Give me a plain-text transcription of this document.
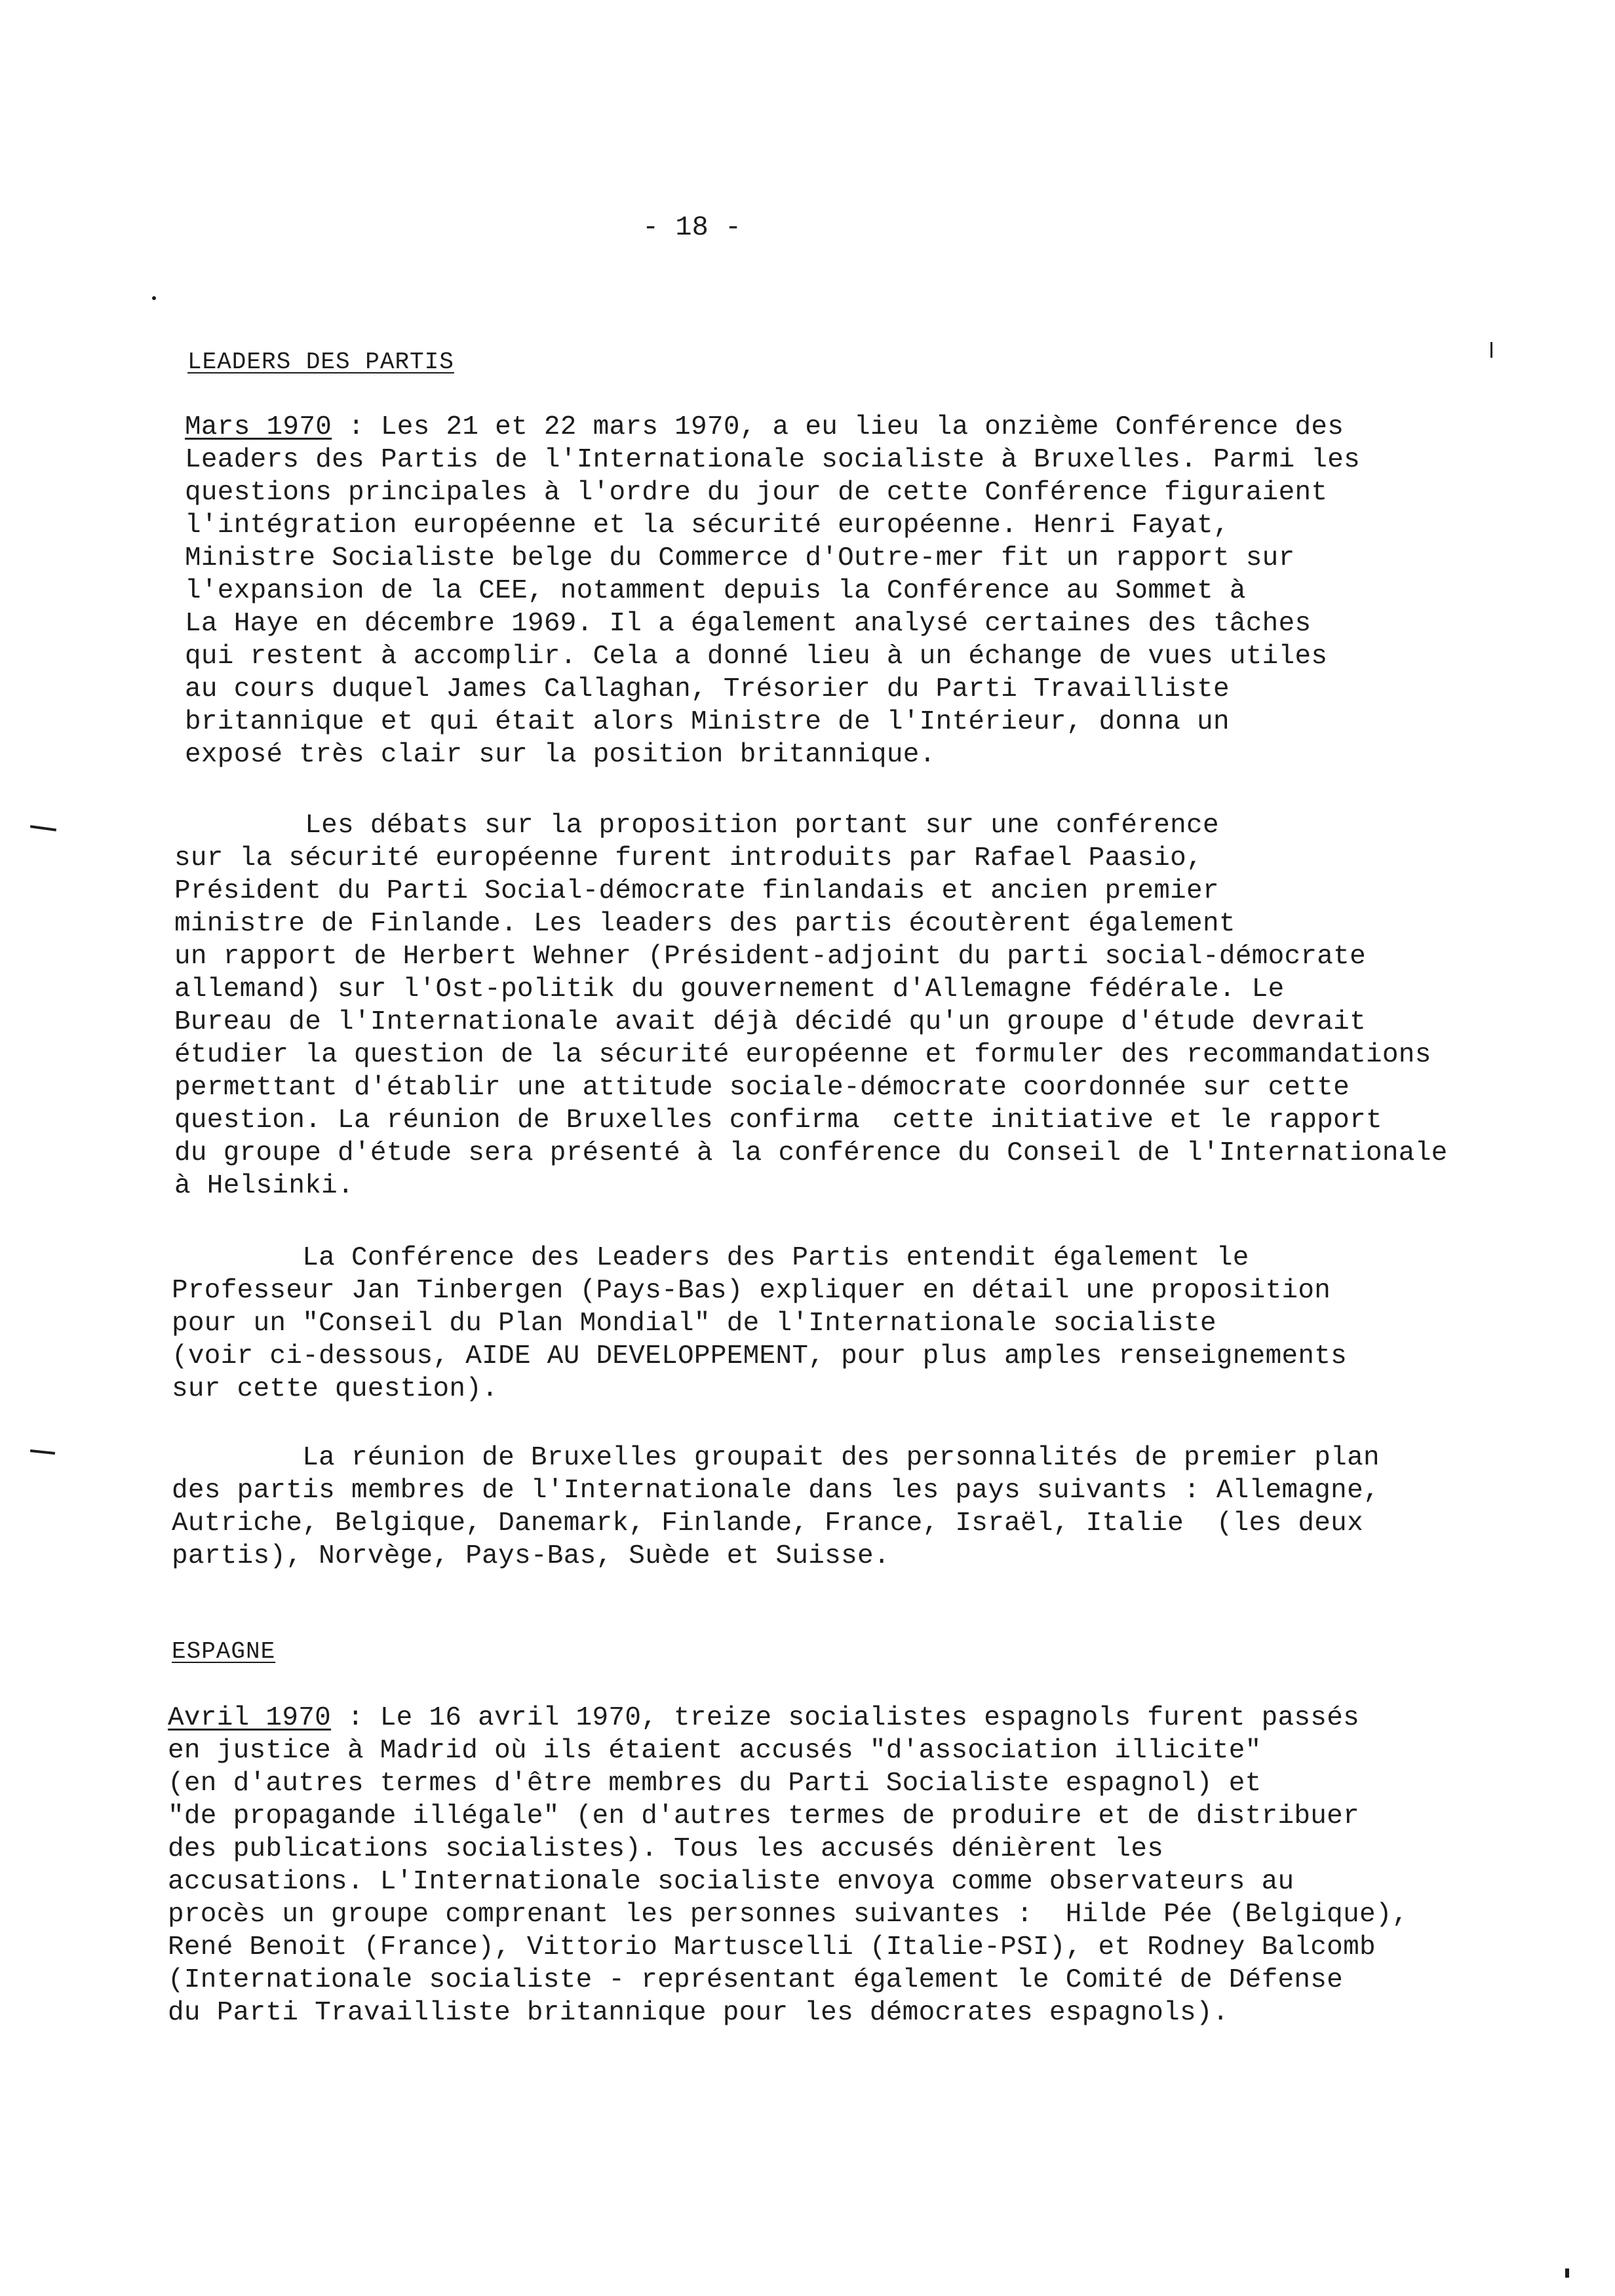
- 18 -
LEADERS DES PARTIS
Mars 1970 : Les 21 et 22 mars 1970, a eu lieu la onzième Conférence des
Leaders des Partis de l'Internationale socialiste à Bruxelles. Parmi les
questions principales à l'ordre du jour de cette Conférence figuraient
l'intégration européenne et la sécurité européenne. Henri Fayat,
Ministre Socialiste belge du Commerce d'Outre-mer fit un rapport sur
l'expansion de la CEE, notamment depuis la Conférence au Sommet à
La Haye en décembre 1969. Il a également analysé certaines des tâches
qui restent à accomplir. Cela a donné lieu à un échange de vues utiles
au cours duquel James Callaghan, Trésorier du Parti Travailliste
britannique et qui était alors Ministre de l'Intérieur, donna un
exposé très clair sur la position britannique.
Les débats sur la proposition portant sur une conférence
sur la sécurité européenne furent introduits par Rafael Paasio,
Président du Parti Social-démocrate finlandais et ancien premier
ministre de Finlande. Les leaders des partis écoutèrent également
un rapport de Herbert Wehner (Président-adjoint du parti social-démocrate
allemand) sur l'Ost-politik du gouvernement d'Allemagne fédérale. Le
Bureau de l'Internationale avait déjà décidé qu'un groupe d'étude devrait
étudier la question de la sécurité européenne et formuler des recommandations
permettant d'établir une attitude sociale-démocrate coordonnée sur cette
question. La réunion de Bruxelles confirma  cette initiative et le rapport
du groupe d'étude sera présenté à la conférence du Conseil de l'Internationale
à Helsinki.
La Conférence des Leaders des Partis entendit également le
Professeur Jan Tinbergen (Pays-Bas) expliquer en détail une proposition
pour un "Conseil du Plan Mondial" de l'Internationale socialiste
(voir ci-dessous, AIDE AU DEVELOPPEMENT, pour plus amples renseignements
sur cette question).
La réunion de Bruxelles groupait des personnalités de premier plan
des partis membres de l'Internationale dans les pays suivants : Allemagne,
Autriche, Belgique, Danemark, Finlande, France, Israël, Italie  (les deux
partis), Norvège, Pays-Bas, Suède et Suisse.
ESPAGNE
Avril 1970 : Le 16 avril 1970, treize socialistes espagnols furent passés
en justice à Madrid où ils étaient accusés "d'association illicite"
(en d'autres termes d'être membres du Parti Socialiste espagnol) et
"de propagande illégale" (en d'autres termes de produire et de distribuer
des publications socialistes). Tous les accusés dénièrent les
accusations. L'Internationale socialiste envoya comme observateurs au
procès un groupe comprenant les personnes suivantes :  Hilde Pée (Belgique),
René Benoit (France), Vittorio Martuscelli (Italie-PSI), et Rodney Balcomb
(Internationale socialiste - représentant également le Comité de Défense
du Parti Travailliste britannique pour les démocrates espagnols).
